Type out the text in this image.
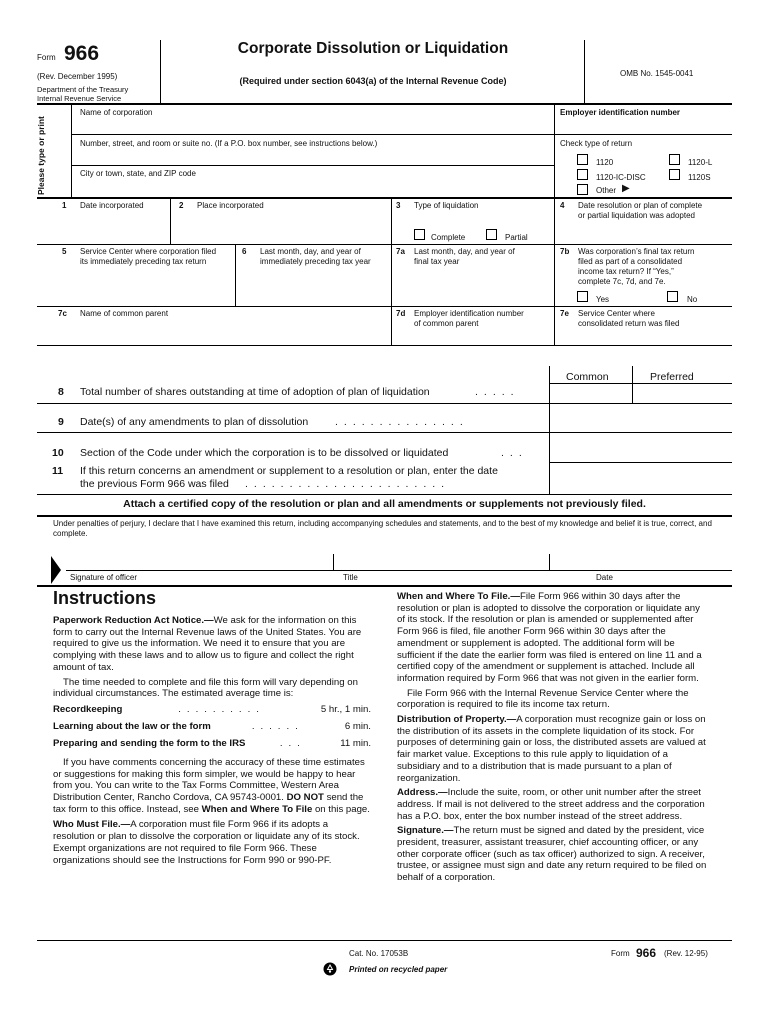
Form 966
(Rev. December 1995)
Department of the Treasury
Internal Revenue Service
Corporate Dissolution or Liquidation
(Required under section 6043(a) of the Internal Revenue Code)
OMB No. 1545-0041
Please type or print
Name of corporation	Employer identification number
Number, street, and room or suite no. (If a P.O. box number, see instructions below.)	Check type of return
1120	1120-L
1120-IC-DISC	1120S
Other ▶
City or town, state, and ZIP code
1 Date incorporated	2 Place incorporated	3 Type of liquidation
Complete	Partial
4 Date resolution or plan of complete
or partial liquidation was adopted
5 Service Center where corporation filed
its immediately preceding tax return
6 Last month, day, and year of
immediately preceding tax year
7a Last month, day, and year of
final tax year
7b Was corporation’s final tax return
filed as part of a consolidated
income tax return? If “Yes,”
complete 7c, 7d, and 7e.
Yes	No
7c Name of common parent	7d Employer identification number
of common parent
7e Service Center where
consolidated return was filed
Common	Preferred
8 Total number of shares outstanding at time of adoption of plan of liquidation	.....
9 Date(s) of any amendments to plan of dissolution	...............
10 Section of the Code under which the corporation is to be dissolved or liquidated	...
11 If this return concerns an amendment or supplement to a resolution or plan, enter the date
the previous Form 966 was filed .......................
Attach a certified copy of the resolution or plan and all amendments or supplements not previously filed.
Under penalties of perjury, I declare that I have examined this return, including accompanying schedules and statements, and to the best of my knowledge and belief it is true, correct, and complete.
Signature of officer	Title	Date
Instructions

Paperwork Reduction Act Notice.—We ask for the information on this form to carry out the Internal Revenue laws of the United States. You are required to give us the information. We need it to ensure that you are complying with these laws and to allow us to figure and collect the right amount of tax.

The time needed to complete and file this form will vary depending on individual circumstances. The estimated average time is:

Recordkeeping	..........	5 hr., 1 min.
Learning about the law or the form	......	6 min.
Preparing and sending the form to the IRS	...	11 min.

If you have comments concerning the accuracy of these time estimates or suggestions for making this form simpler, we would be happy to hear from you. You can write to the Tax Forms Committee, Western Area Distribution Center, Rancho Cordova, CA 95743-0001. DO NOT send the tax form to this office. Instead, see When and Where To File on this page.

Who Must File.—A corporation must file Form 966 if its adopts a resolution or plan to dissolve the corporation or liquidate any of its stock. Exempt organizations are not required to file Form 966. These organizations should see the Instructions for Form 990 or 990-PF.

When and Where To File.—File Form 966 within 30 days after the resolution or plan is adopted to dissolve the corporation or liquidate any of its stock. If the resolution or plan is amended or supplemented after Form 966 is filed, file another Form 966 within 30 days after the amendment or supplement is adopted. The additional form will be sufficient if the date the earlier form was filed is entered on line 11 and a certified copy of the amendment or supplement is attached. Include all information required by Form 966 that was not given in the earlier form.

File Form 966 with the Internal Revenue Service Center where the corporation is required to file its income tax return.

Distribution of Property.—A corporation must recognize gain or loss on the distribution of its assets in the complete liquidation of its stock. For purposes of determining gain or loss, the distributed assets are valued at fair market value. Exceptions to this rule apply to liquidation of a subsidiary and to a distribution that is made pursuant to a plan of reorganization.

Address.—Include the suite, room, or other unit number after the street address. If mail is not delivered to the street address and the corporation has a P.O. box, enter the box number instead of the street address.

Signature.—The return must be signed and dated by the president, vice president, treasurer, assistant treasurer, chief accounting officer, or any other corporate officer (such as tax officer) authorized to sign. A receiver, trustee, or assignee must sign and date any return required to be filed on behalf of a corporation.

Cat. No. 17053B	Form 966 (Rev. 12-95)
Printed on recycled paper
